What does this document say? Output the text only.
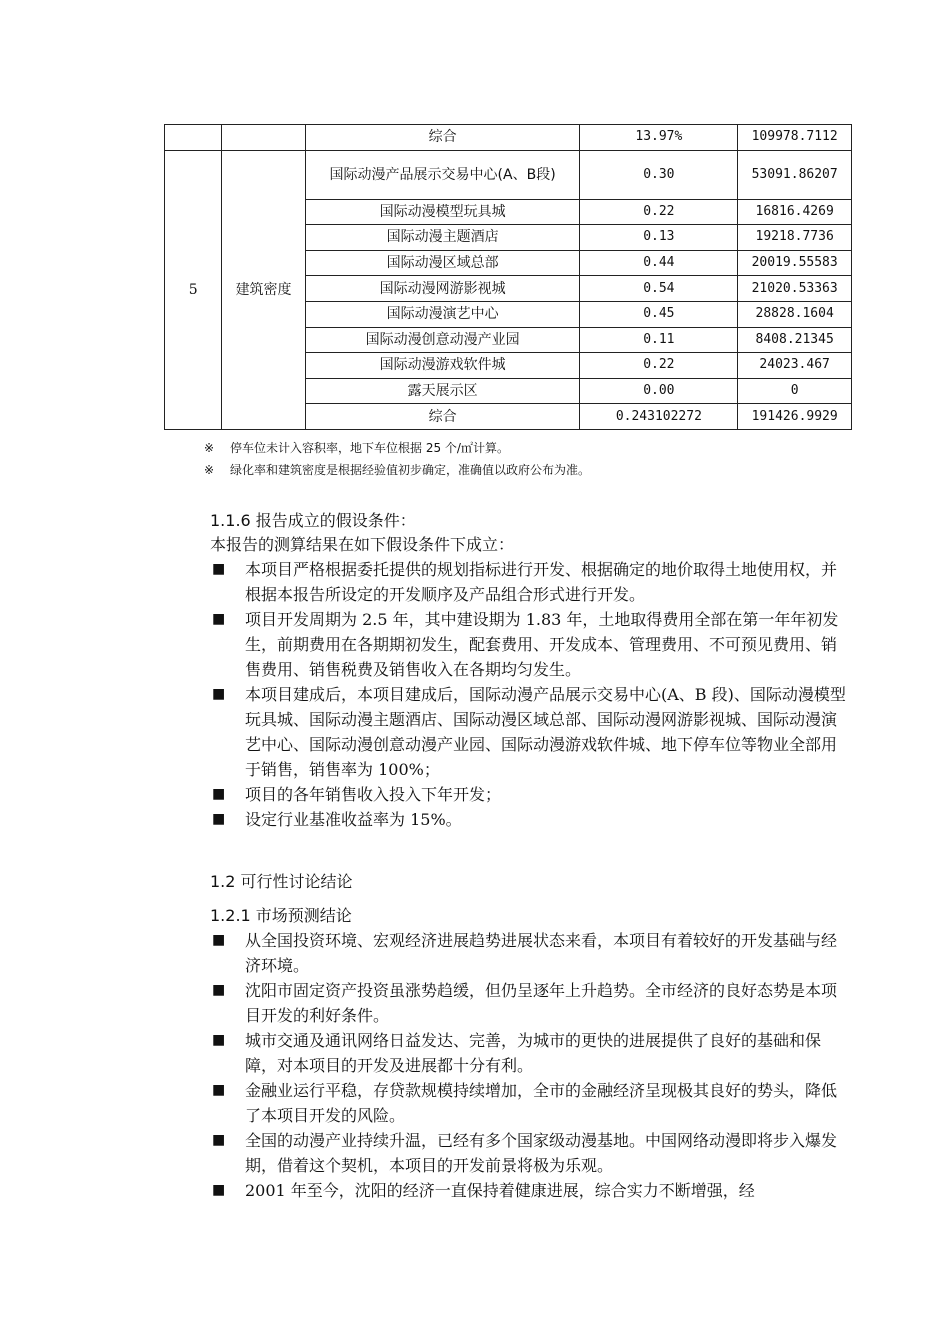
		综合	13.97%	109978.7112
5	建筑密度	国际动漫产品展示交易中心(A、B段)	0.30	53091.86207
		国际动漫模型玩具城	0.22	16816.4269
		国际动漫主题酒店	0.13	19218.7736
		国际动漫区域总部	0.44	20019.55583
		国际动漫网游影视城	0.54	21020.53363
		国际动漫演艺中心	0.45	28828.1604
		国际动漫创意动漫产业园	0.11	8408.21345
		国际动漫游戏软件城	0.22	24023.467
		露天展示区	0.00	0
		综合	0.243102272	191426.9929
※ 停车位未计入容积率，地下车位根据 25 个/㎡计算。
※ 绿化率和建筑密度是根据经验值初步确定，准确值以政府公布为准。
1.1.6 报告成立的假设条件：
本报告的测算结果在如下假设条件下成立：
■ 本项目严格根据委托提供的规划指标进行开发、根据确定的地价取得土地使用权，并根据本报告所设定的开发顺序及产品组合形式进行开发。
■ 项目开发周期为 2.5 年，其中建设期为 1.83 年，土地取得费用全部在第一年年初发生，前期费用在各期期初发生，配套费用、开发成本、管理费用、不可预见费用、销售费用、销售税费及销售收入在各期均匀发生。
■ 本项目建成后，本项目建成后，国际动漫产品展示交易中心(A、B 段)、国际动漫模型玩具城、国际动漫主题酒店、国际动漫区域总部、国际动漫网游影视城、国际动漫演艺中心、国际动漫创意动漫产业园、国际动漫游戏软件城、地下停车位等物业全部用于销售，销售率为 100%；
■ 项目的各年销售收入投入下年开发；
■ 设定行业基准收益率为 15%。
1.2 可行性讨论结论
1.2.1 市场预测结论
■ 从全国投资环境、宏观经济进展趋势进展状态来看，本项目有着较好的开发基础与经济环境。
■ 沈阳市固定资产投资虽涨势趋缓，但仍呈逐年上升趋势。全市经济的良好态势是本项目开发的利好条件。
■ 城市交通及通讯网络日益发达、完善，为城市的更快的进展提供了良好的基础和保障，对本项目的开发及进展都十分有利。
■ 金融业运行平稳，存贷款规模持续增加，全市的金融经济呈现极其良好的势头，降低了本项目开发的风险。
■ 全国的动漫产业持续升温，已经有多个国家级动漫基地。中国网络动漫即将步入爆发期，借着这个契机，本项目的开发前景将极为乐观。
■ 2001 年至今，沈阳的经济一直保持着健康进展，综合实力不断增强，经
